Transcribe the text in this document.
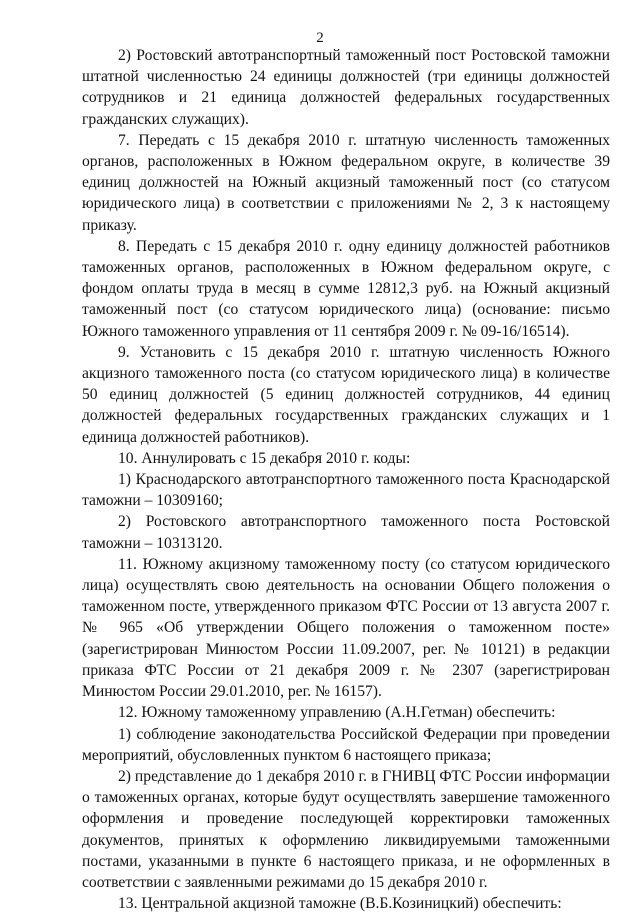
2

2) Ростовский автотранспортный таможенный пост Ростовской таможни штатной численностью 24 единицы должностей (три единицы должностей сотрудников и 21 единица должностей федеральных государственных гражданских служащих).

7. Передать с 15 декабря 2010 г. штатную численность таможенных органов, расположенных в Южном федеральном округе, в количестве 39 единиц должностей на Южный акцизный таможенный пост (со статусом юридического лица) в соответствии с приложениями № 2, 3 к настоящему приказу.

8. Передать с 15 декабря 2010 г. одну единицу должностей работников таможенных органов, расположенных в Южном федеральном округе, с фондом оплаты труда в месяц в сумме 12812,3 руб. на Южный акцизный таможенный пост (со статусом юридического лица) (основание: письмо Южного таможенного управления от 11 сентября 2009 г. № 09-16/16514).

9. Установить с 15 декабря 2010 г. штатную численность Южного акцизного таможенного поста (со статусом юридического лица) в количестве 50 единиц должностей (5 единиц должностей сотрудников, 44 единиц должностей федеральных государственных гражданских служащих и 1 единица должностей работников).

10. Аннулировать с 15 декабря 2010 г. коды:

1) Краснодарского автотранспортного таможенного поста Краснодарской таможни – 10309160;

2) Ростовского автотранспортного таможенного поста Ростовской таможни – 10313120.

11. Южному акцизному таможенному посту (со статусом юридического лица) осуществлять свою деятельность на основании Общего положения о таможенном посте, утвержденного приказом ФТС России от 13 августа 2007 г. № 965 «Об утверждении Общего положения о таможенном посте» (зарегистрирован Минюстом России 11.09.2007, рег. № 10121) в редакции приказа ФТС России от 21 декабря 2009 г. № 2307 (зарегистрирован Минюстом России 29.01.2010, рег. № 16157).

12. Южному таможенному управлению (А.Н.Гетман) обеспечить:

1) соблюдение законодательства Российской Федерации при проведении мероприятий, обусловленных пунктом 6 настоящего приказа;

2) представление до 1 декабря 2010 г. в ГНИВЦ ФТС России информации о таможенных органах, которые будут осуществлять завершение таможенного оформления и проведение последующей корректировки таможенных документов, принятых к оформлению ликвидируемыми таможенными постами, указанными в пункте 6 настоящего приказа, и не оформленных в соответствии с заявленными режимами до 15 декабря 2010 г.

13. Центральной акцизной таможне (В.Б.Козиницкий) обеспечить:
